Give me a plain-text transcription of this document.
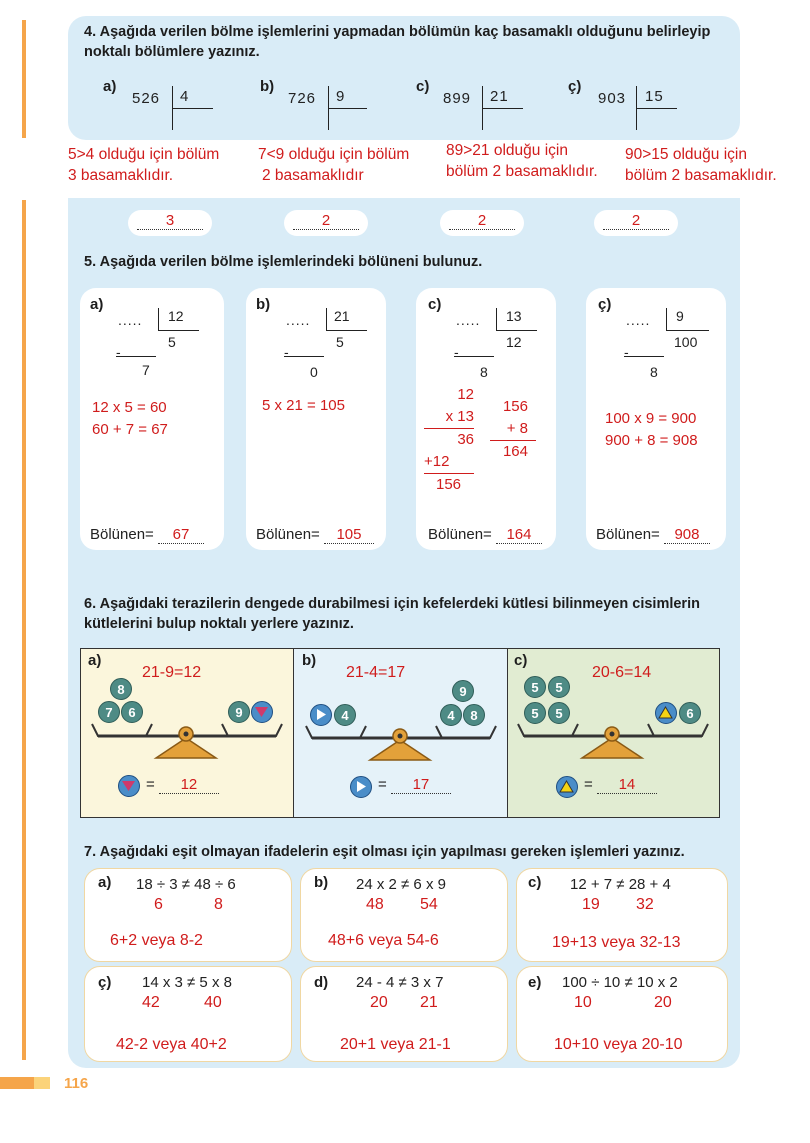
4. Aşağıda verilen bölme işlemlerini yapmadan bölümün kaç basamaklı olduğunu belirleyip noktalı bölümlere yazınız.
a)
526 4
b)
726 9
c)
899 21
ç)
903 15
5>4 olduğu için bölüm
3 basamaklıdır.
7<9 olduğu için bölüm
2 basamaklıdır
89>21 olduğu için
bölüm 2 basamaklıdır.
90>15 olduğu için
bölüm 2 basamaklıdır.
3	2	2	2
5. Aşağıda verilen bölme işlemlerindeki bölüneni bulunuz.
a)
..... 12
5
-
7
12 x 5 = 60
60 + 7 = 67
Bölünen= 67
b)
..... 21
5
-
0
5 x 21 = 105
Bölünen= 105
c)
..... 13
12
-
8
12
x 13
36
+12
156
156
+ 8
164
Bölünen= 164
ç)
..... 9
100
-
8
100 x 9 = 900
900 + 8 = 908
Bölünen= 908
6. Aşağıdaki terazilerin dengede durabilmesi için kefelerdeki kütlesi bilinmeyen cisimlerin kütlelerini bulup noktalı yerlere yazınız.
a)
21-9=12
8
7	6	9
= 12
b)
21-4=17
4
9
4	8
= 17
c)
20-6=14
5	5
5	5	6
= 14
7. Aşağıdaki eşit olmayan ifadelerin eşit olması için yapılması gereken işlemleri yazınız.
a) 18 ÷ 3 ≠ 48 ÷ 6
6	8
6+2 veya 8-2
b) 24 x 2 ≠ 6 x 9
48 54
48+6 veya 54-6
c) 12 + 7 ≠ 28 + 4
19 32
19+13 veya 32-13
ç) 14 x 3 ≠ 5 x 8
42	40
42-2 veya 40+2
d) 24 - 4 ≠ 3 x 7
20 21
20+1 veya 21-1
e) 100 ÷ 10 ≠ 10 x 2
10	20
10+10 veya 20-10
116
